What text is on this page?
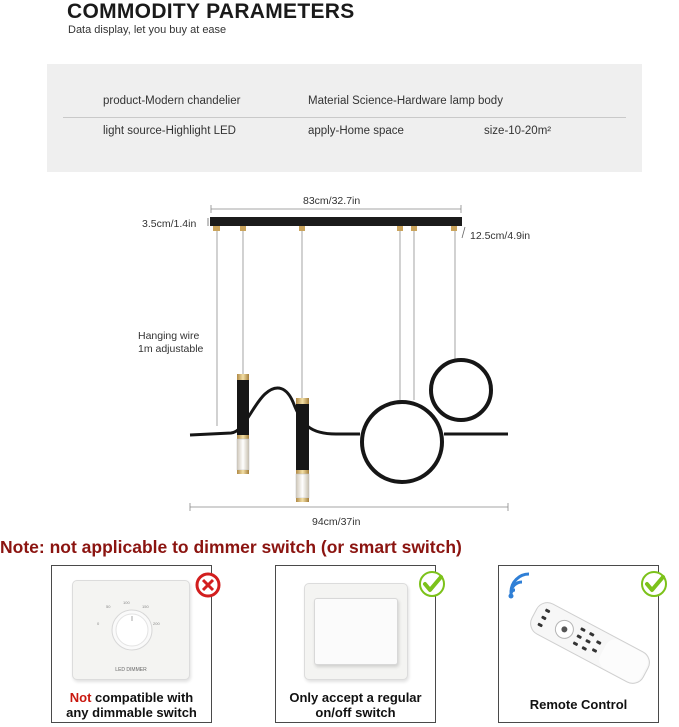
COMMODITY PARAMETERS
Data display, let you buy at ease
product-Modern chandelier	Material Science-Hardware lamp body
light source-Highlight LED	apply-Home space	size-10-20m²
83cm/32.7in
3.5cm/1.4in
12.5cm/4.9in
Hanging wire
1m adjustable
94cm/37in
Note: not applicable to dimmer switch (or smart switch)
100
150
50
0	200
LED DIMMER
Not compatible with
any dimmable switch
Only accept a regular
on/off switch
Remote Control
